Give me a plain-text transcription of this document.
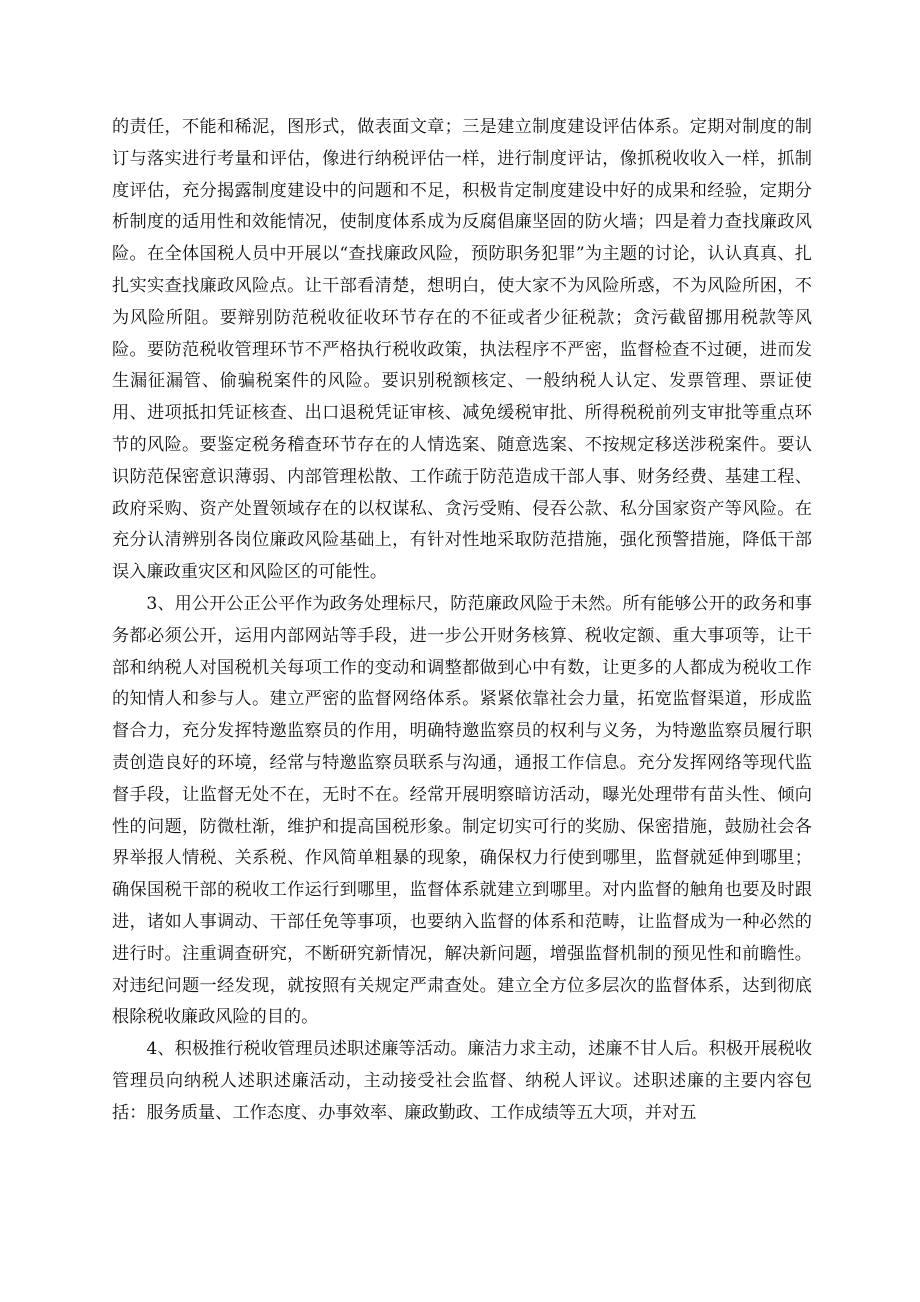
的责任，不能和稀泥，图形式，做表面文章；三是建立制度建设评估体系。定期对制度的制订与落实进行考量和评估，像进行纳税评估一样，进行制度评诂，像抓税收收入一样，抓制度评估，充分揭露制度建设中的问题和不足，积极肯定制度建设中好的成果和经验，定期分析制度的适用性和效能情况，使制度体系成为反腐倡廉坚固的防火墙；四是着力查找廉政风险。在全体国税人员中开展以“查找廉政风险，预防职务犯罪”为主题的讨论，认认真真、扎扎实实查找廉政风险点。让干部看清楚，想明白，使大家不为风险所惑，不为风险所困，不为风险所阻。要辩别防范税收征收环节存在的不征或者少征税款；贪污截留挪用税款等风险。要防范税收管理环节不严格执行税收政策，执法程序不严密，监督检查不过硬，进而发生漏征漏管、偷骗税案件的风险。要识别税额核定、一般纳税人认定、发票管理、票证使用、进项抵扣凭证核查、出口退税凭证审核、减免缓税审批、所得税税前列支审批等重点环节的风险。要鉴定税务稽查环节存在的人情选案、随意选案、不按规定移送涉税案件。要认识防范保密意识薄弱、内部管理松散、工作疏于防范造成干部人事、财务经费、基建工程、政府采购、资产处置领域存在的以权谋私、贪污受贿、侵吞公款、私分国家资产等风险。在充分认清辨别各岗位廉政风险基础上，有针对性地采取防范措施，强化预警措施，降低干部误入廉政重灾区和风险区的可能性。

3、用公开公正公平作为政务处理标尺，防范廉政风险于未然。所有能够公开的政务和事务都必须公开，运用内部网站等手段，进一步公开财务核算、税收定额、重大事项等，让干部和纳税人对国税机关每项工作的变动和调整都做到心中有数，让更多的人都成为税收工作的知情人和参与人。建立严密的监督网络体系。紧紧依靠社会力量，拓宽监督渠道，形成监督合力，充分发挥特邀监察员的作用，明确特邀监察员的权利与义务，为特邀监察员履行职责创造良好的环境，经常与特邀监察员联系与沟通，通报工作信息。充分发挥网络等现代监督手段，让监督无处不在，无时不在。经常开展明察暗访活动，曝光处理带有苗头性、倾向性的问题，防微杜渐，维护和提高国税形象。制定切实可行的奖励、保密措施，鼓励社会各界举报人情税、关系税、作风简单粗暴的现象，确保权力行使到哪里，监督就延伸到哪里；确保国税干部的税收工作运行到哪里，监督体系就建立到哪里。对内监督的触角也要及时跟进，诸如人事调动、干部任免等事项，也要纳入监督的体系和范畴，让监督成为一种必然的进行时。注重调查研究，不断研究新情况，解决新问题，增强监督机制的预见性和前瞻性。对违纪问题一经发现，就按照有关规定严肃查处。建立全方位多层次的监督体系，达到彻底根除税收廉政风险的目的。

4、积极推行税收管理员述职述廉等活动。廉洁力求主动，述廉不甘人后。积极开展税收管理员向纳税人述职述廉活动，主动接受社会监督、纳税人评议。述职述廉的主要内容包括：服务质量、工作态度、办事效率、廉政勤政、工作成绩等五大项，并对五
